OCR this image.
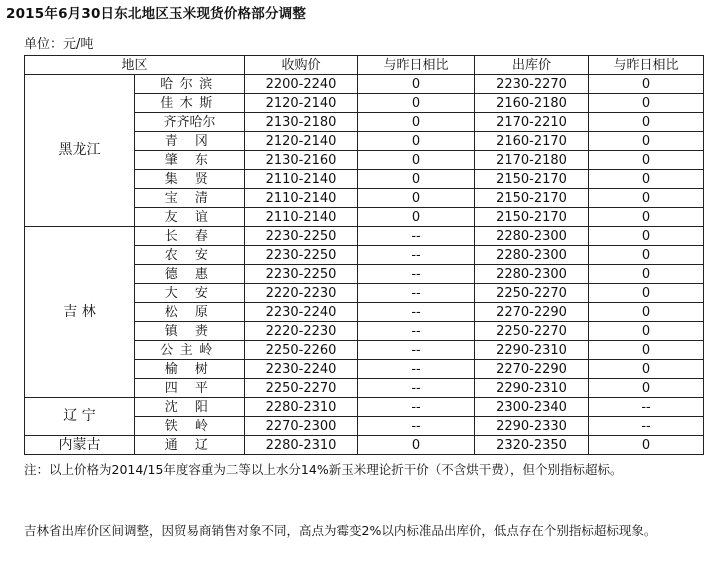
2015年6月30日东北地区玉米现货价格部分调整
单位：元/吨
地区		收购价	与昨日相比	出库价	与昨日相比
黑龙江	哈尔滨	2200-2240	0	2230-2270	0
	佳木斯	2120-2140	0	2160-2180	0
	齐齐哈尔	2130-2180	0	2170-2210	0
	青 冈	2120-2140	0	2160-2170	0
	肇 东	2130-2160	0	2170-2180	0
	集 贤	2110-2140	0	2150-2170	0
	宝 清	2110-2140	0	2150-2170	0
	友 谊	2110-2140	0	2150-2170	0
吉 林	长 春	2230-2250	--	2280-2300	0
	农 安	2230-2250	--	2280-2300	0
	德 惠	2230-2250	--	2280-2300	0
	大 安	2220-2230	--	2250-2270	0
	松 原	2230-2240	--	2270-2290	0
	镇 赉	2220-2230	--	2250-2270	0
	公主岭	2250-2260	--	2290-2310	0
	榆 树	2230-2240	--	2270-2290	0
	四 平	2250-2270	--	2290-2310	0
辽 宁	沈 阳	2280-2310	--	2300-2340	--
	铁 岭	2270-2300	--	2290-2330	--
内蒙古	通 辽	2280-2310	0	2320-2350	0
注：以上价格为2014/15年度容重为二等以上水分14%新玉米理论折干价（不含烘干费），但个别指标超标。
吉林省出库价区间调整，因贸易商销售对象不同，高点为霉变2%以内标准品出库价，低点存在个别指标超标现象。
